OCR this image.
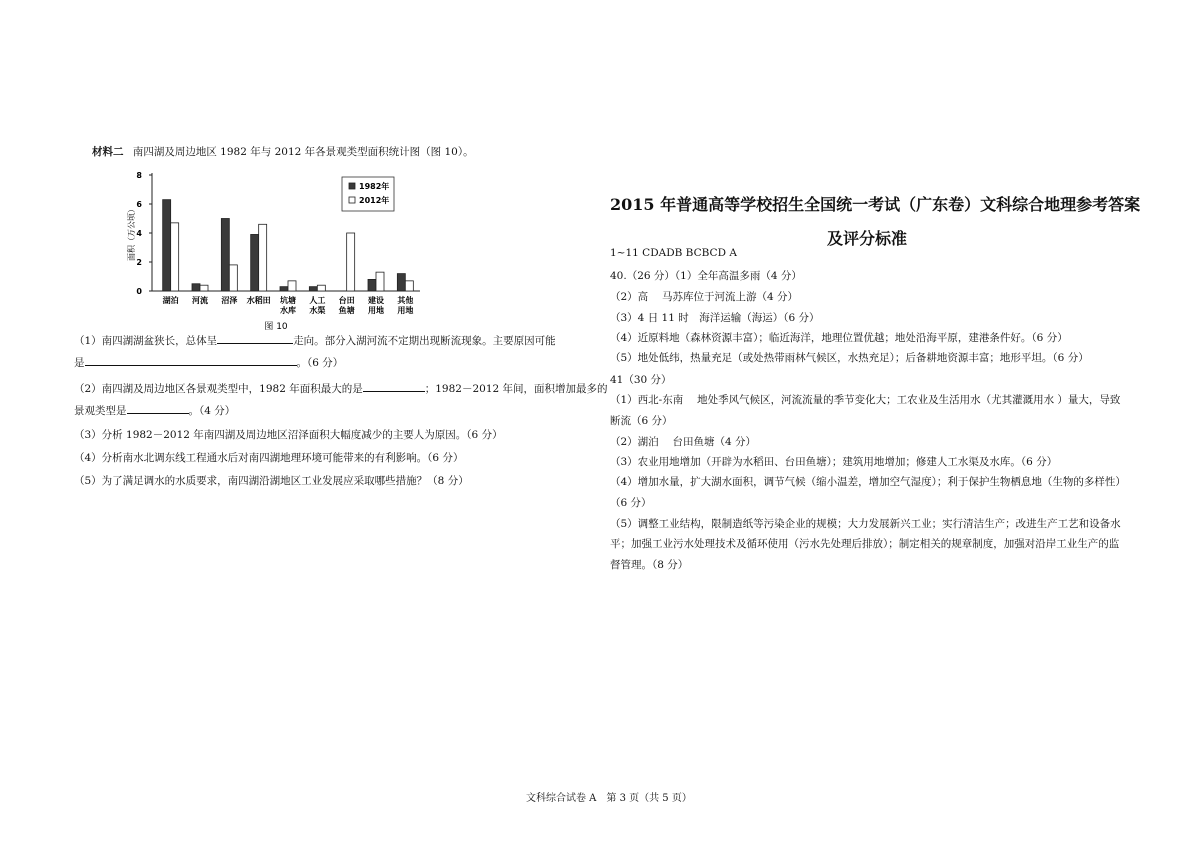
材料二 南四湖及周边地区 1982 年与 2012 年各景观类型面积统计图（图 10）。
0
2
4
6
8
面积（万公顷）
湖泊 河流 沼泽 水稻田 坑塘
水库
人工
水渠
台田
鱼塘
建设
用地
其他
用地
1982年
2012年
图 10
（1）南四湖湖盆狭长，总体呈	走向。部分入湖河流不定期出现断流现象。主要原因可能
是	。（6 分）
（2）南四湖及周边地区各景观类型中，1982 年面积最大的是	；1982－2012 年间，面积增加最多的
景观类型是	。（4 分）
（3）分析 1982－2012 年南四湖及周边地区沼泽面积大幅度减少的主要人为原因。（6 分）
（4）分析南水北调东线工程通水后对南四湖地理环境可能带来的有利影响。（6 分）
（5）为了满足调水的水质要求，南四湖沿湖地区工业发展应采取哪些措施？（8 分）
2015 年普通高等学校招生全国统一考试（广东卷）文科综合地理参考答案
及评分标准
1~11 CDADB BCBCD A
40.（26 分）（1）全年高温多雨（4 分）
（2）高　 马苏库位于河流上游（4 分）
（3）4 日 11 时　海洋运输（海运）（6 分）
（4）近原料地（森林资源丰富）；临近海洋，地理位置优越；地处沿海平原，建港条件好。（6 分）
（5）地处低纬，热量充足（或处热带雨林气候区，水热充足）；后备耕地资源丰富；地形平坦。（6 分）
41（30 分）
（1）西北-东南　 地处季风气候区，河流流量的季节变化大；工农业及生活用水（尤其灌溉用水 ）量大，导致
断流（6 分）
（2）湖泊　 台田鱼塘（4 分）
（3）农业用地增加（开辟为水稻田、台田鱼塘）；建筑用地增加；修建人工水渠及水库。（6 分）
（4）增加水量，扩大湖水面积，调节气候（缩小温差，增加空气湿度）；利于保护生物栖息地（生物的多样性）
（6 分）
（5）调整工业结构，限制造纸等污染企业的规模；大力发展新兴工业；实行清洁生产；改进生产工艺和设备水
平；加强工业污水处理技术及循环使用（污水先处理后排放）；制定相关的规章制度，加强对沿岸工业生产的监
督管理。（8 分）
文科综合试卷 A　第 3 页（共 5 页）
